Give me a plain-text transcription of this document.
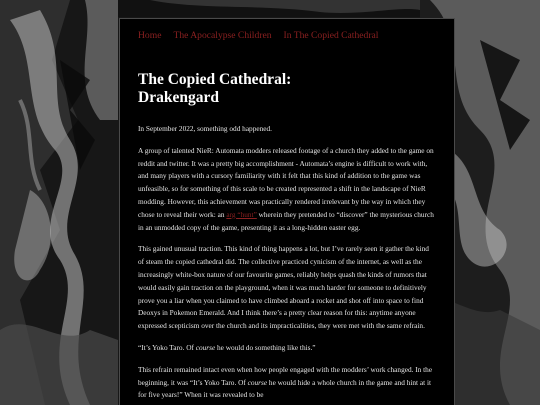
Home The Apocalypse Children In The Copied Cathedral
The Copied Cathedral:
Drakengard

In September 2022, something odd happened.

A group of talented NieR: Automata modders released footage of a church they added to the game on reddit and twitter. It was a pretty big accomplishment - Automata’s engine is difficult to work with, and many players with a cursory familiarity with it felt that this kind of addition to the game was unfeasible, so for something of this scale to be created represented a shift in the landscape of NieR modding. However, this achievement was practically rendered irrelevant by the way in which they chose to reveal their work: an arg “hunt” wherein they pretended to “discover” the mysterious church in an unmodded copy of the game, presenting it as a long-hidden easter egg.

This gained unusual traction. This kind of thing happens a lot, but I’ve rarely seen it gather the kind of steam the copied cathedral did. The collective practiced cynicism of the internet, as well as the increasingly white-box nature of our favourite games, reliably helps quash the kinds of rumors that would easily gain traction on the playground, when it was much harder for someone to definitively prove you a liar when you claimed to have climbed aboard a rocket and shot off into space to find Deoxys in Pokemon Emerald. And I think there’s a pretty clear reason for this: anytime anyone expressed scepticism over the church and its impracticalities, they were met with the same refrain.

“It’s Yoko Taro. Of course he would do something like this.”

This refrain remained intact even when how people engaged with the modders’ work changed. In the beginning, it was “It’s Yoko Taro. Of course he would hide a whole church in the game and hint at it for five years!” When it was revealed to be
